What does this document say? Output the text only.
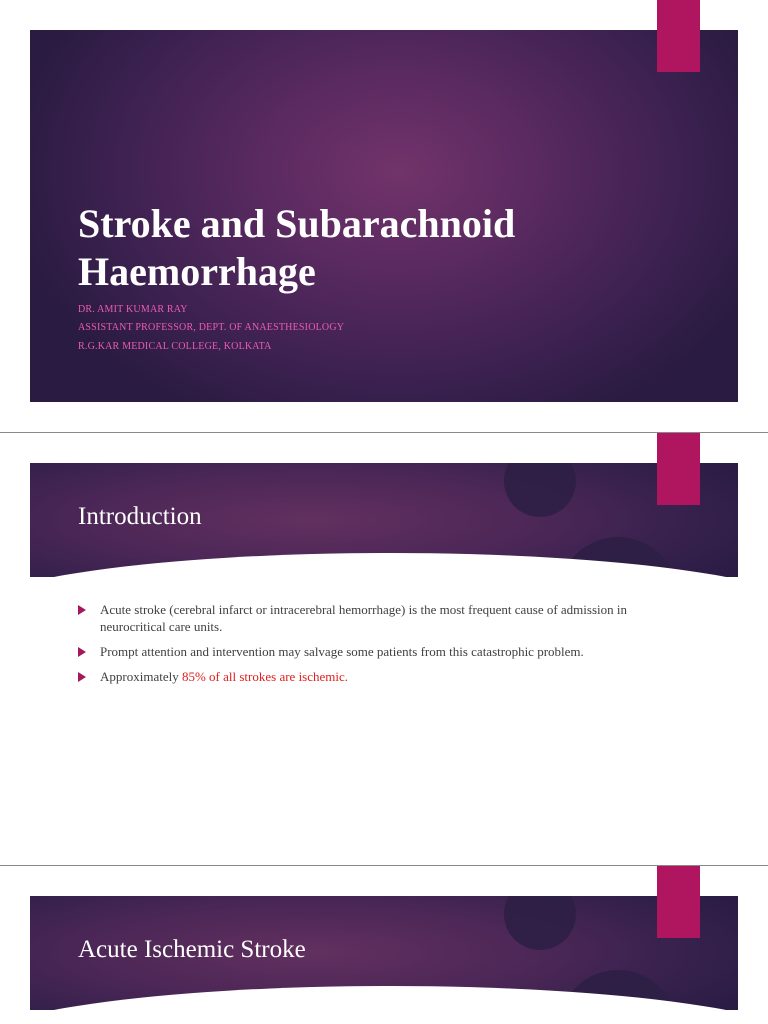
Stroke and Subarachnoid
Haemorrhage
DR. AMIT KUMAR RAY
ASSISTANT PROFESSOR, DEPT. OF ANAESTHESIOLOGY
R.G.KAR MEDICAL COLLEGE, KOLKATA
Introduction
Acute stroke (cerebral infarct or intracerebral hemorrhage) is the most frequent cause of admission in neurocritical care units.
Prompt attention and intervention may salvage some patients from this catastrophic problem.
Approximately 85% of all strokes are ischemic.
Acute Ischemic Stroke
